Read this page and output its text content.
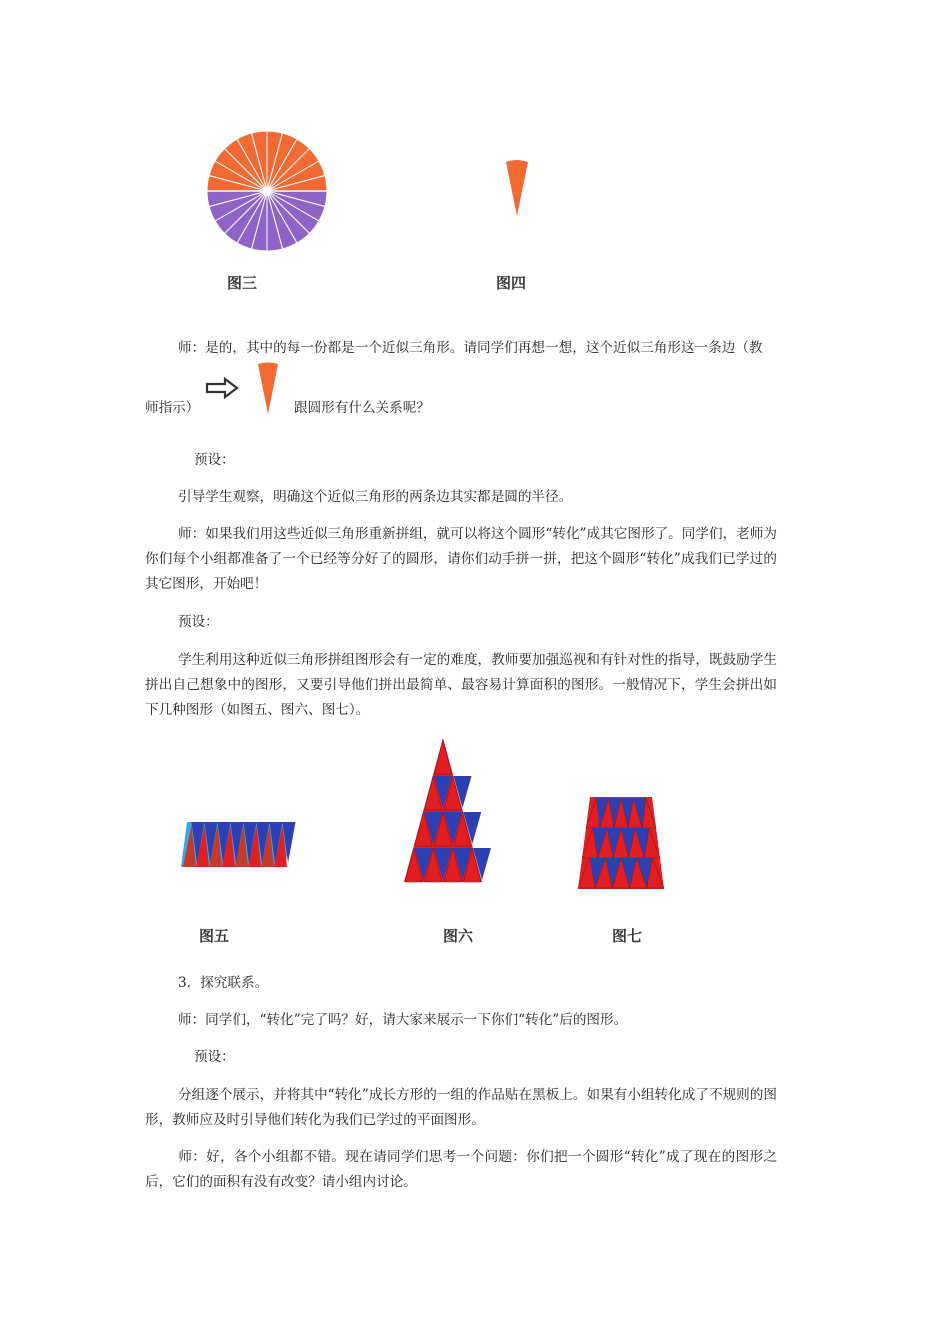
图三	图四

师：是的，其中的每一份都是一个近似三角形。请同学们再想一想，这个近似三角形这一条边（教

师指示）	跟圆形有什么关系呢？

预设：

引导学生观察，明确这个近似三角形的两条边其实都是圆的半径。

师：如果我们用这些近似三角形重新拼组，就可以将这个圆形“转化”成其它图形了。同学们，老师为你们每个小组都准备了一个已经等分好了的圆形，请你们动手拼一拼，把这个圆形“转化”成我们已学过的其它图形，开始吧！

预设：

学生利用这种近似三角形拼组图形会有一定的难度，教师要加强巡视和有针对性的指导，既鼓励学生拼出自己想象中的图形，又要引导他们拼出最简单、最容易计算面积的图形。一般情况下，学生会拼出如下几种图形（如图五、图六、图七）。

图五	图六	图七

3．探究联系。

师：同学们，“转化”完了吗？好，请大家来展示一下你们“转化”后的图形。

预设：

分组逐个展示，并将其中“转化”成长方形的一组的作品贴在黑板上。如果有小组转化成了不规则的图形，教师应及时引导他们转化为我们已学过的平面图形。

师：好，各个小组都不错。现在请同学们思考一个问题：你们把一个圆形“转化”成了现在的图形之后，它们的面积有没有改变？请小组内讨论。
